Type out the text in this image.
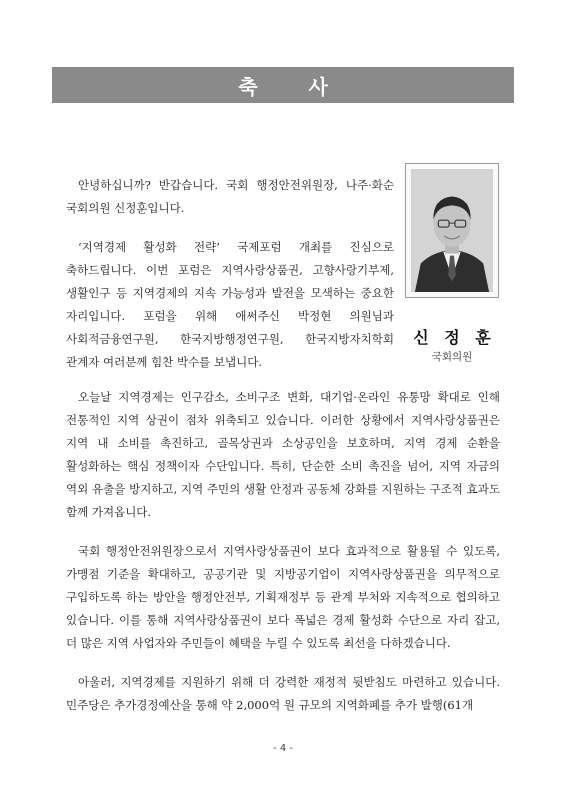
축 사

안녕하십니까? 반갑습니다. 국회 행정안전위원장, 나주·화순 국회의원 신정훈입니다.

‘지역경제 활성화 전략’ 국제포럼 개최를 진심으로 축하드립니다. 이번 포럼은 지역사랑상품권, 고향사랑기부제, 생활인구 등 지역경제의 지속 가능성과 발전을 모색하는 중요한 자리입니다. 포럼을 위해 애써주신 박정현 의원님과 사회적금융연구원, 한국지방행정연구원, 한국지방자치학회 관계자 여러분께 힘찬 박수를 보냅니다.

신 정 훈
국회의원

오늘날 지역경제는 인구감소, 소비구조 변화, 대기업·온라인 유통망 확대로 인해 전통적인 지역 상권이 점차 위축되고 있습니다. 이러한 상황에서 지역사랑상품권은 지역 내 소비를 촉진하고, 골목상권과 소상공인을 보호하며, 지역 경제 순환을 활성화하는 핵심 정책이자 수단입니다. 특히, 단순한 소비 촉진을 넘어, 지역 자금의 역외 유출을 방지하고, 지역 주민의 생활 안정과 공동체 강화를 지원하는 구조적 효과도 함께 가져옵니다.

국회 행정안전위원장으로서 지역사랑상품권이 보다 효과적으로 활용될 수 있도록, 가맹점 기준을 확대하고, 공공기관 및 지방공기업이 지역사랑상품권을 의무적으로 구입하도록 하는 방안을 행정안전부, 기획재정부 등 관계 부처와 지속적으로 협의하고 있습니다. 이를 통해 지역사랑상품권이 보다 폭넓은 경제 활성화 수단으로 자리 잡고, 더 많은 지역 사업자와 주민들이 혜택을 누릴 수 있도록 최선을 다하겠습니다.

아울러, 지역경제를 지원하기 위해 더 강력한 재정적 뒷받침도 마련하고 있습니다. 민주당은 추가경정예산을 통해 약 2,000억 원 규모의 지역화폐를 추가 발행(61개

- 4 -
